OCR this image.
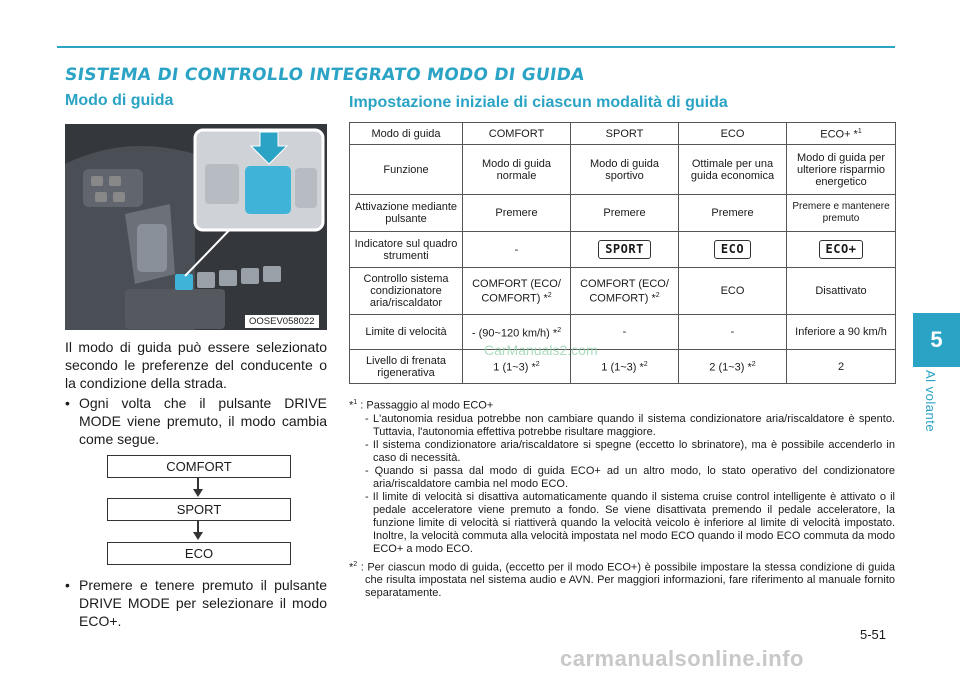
SISTEMA DI CONTROLLO INTEGRATO MODO DI GUIDA
Modo di guida
OOSEV058022
Il modo di guida può essere selezionato secondo le preferenze del conducente o la condizione della strada.
• Ogni volta che il pulsante DRIVE MODE viene premuto, il modo cambia come segue.
COMFORT
SPORT
ECO
• Premere e tenere premuto il pulsante DRIVE MODE per selezionare il modo ECO+.
Impostazione iniziale di ciascun modalità di guida
Modo di guida	COMFORT	SPORT	ECO	ECO+ *$^1$
Funzione	Modo di guida normale	Modo di guida sportivo	Ottimale per una guida economica	Modo di guida per ulteriore risparmio energetico
Attivazione mediante pulsante	Premere	Premere	Premere	Premere e mantenere premuto
Indicatore sul quadro strumenti	-	SPORT	ECO	ECO+
Controllo sistema condizionatore aria/riscaldator	COMFORT (ECO/ COMFORT) *$^2$	COMFORT (ECO/ COMFORT) *$^2$	ECO	Disattivato
Limite di velocità	- (90~120 km/h) *$^2$	-	-	Inferiore a 90 km/h
Livello di frenata rigenerativa	1 (1~3) *$^2$	1 (1~3) *$^2$	2 (1~3) *$^2$	2
CarManuals2.com
*$^1$ : Passaggio al modo ECO+
- L'autonomia residua potrebbe non cambiare quando il sistema condizionatore aria/riscaldatore è spento. Tuttavia, l'autonomia effettiva potrebbe risultare maggiore.
- Il sistema condizionatore aria/riscaldatore si spegne (eccetto lo sbrinatore), ma è possibile accenderlo in caso di necessità.
- Quando si passa dal modo di guida ECO+ ad un altro modo, lo stato operativo del condizionatore aria/riscaldatore cambia nel modo ECO.
- Il limite di velocità si disattiva automaticamente quando il sistema cruise control intelligente è attivato o il pedale acceleratore viene premuto a fondo. Se viene disattivata premendo il pedale acceleratore, la funzione limite di velocità si riattiverà quando la velocità veicolo è inferiore al limite di velocità impostato. Inoltre, la velocità commuta alla velocità impostata nel modo ECO quando il modo ECO commuta da modo ECO+ a modo ECO.
*$^2$ : Per ciascun modo di guida, (eccetto per il modo ECO+) è possibile impostare la stessa condizione di guida che risulta impostata nel sistema audio e AVN. Per maggiori informazioni, fare riferimento al manuale fornito separatamente.
5
Al volante
5-51
carmanualsonline.info
